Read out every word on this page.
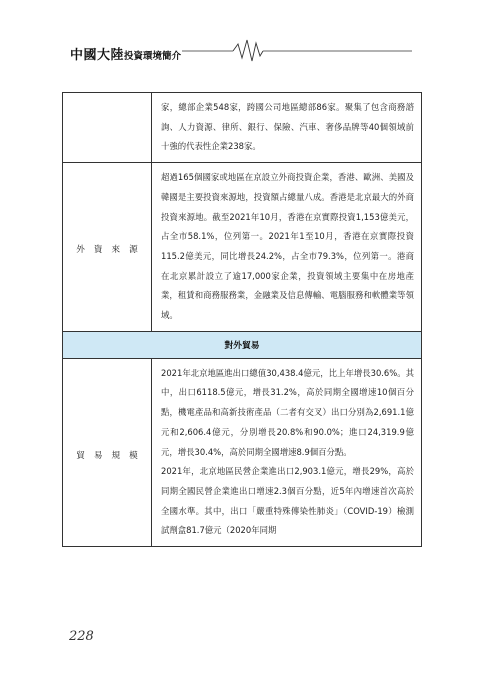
中國大陸投資環境簡介

	家，總部企業548家，跨國公司地區總部86家。聚集了包含商務諮詢、人力資源、律所、銀行、保險、汽車、奢侈品牌等40個領域前十強的代表性企業238家。

外資來源	超過165個國家或地區在京設立外商投資企業，香港、歐洲、美國及韓國是主要投資來源地，投資額占總量八成。香港是北京最大的外商投資來源地。截至2021年10月，香港在京實際投資1,153億美元，占全市58.1%，位列第一。2021年1至10月，香港在京實際投資115.2億美元，同比增長24.2%，占全市79.3%，位列第一。港商在北京累計設立了逾17,000家企業，投資領域主要集中在房地產業，租賃和商務服務業，金融業及信息傳輸、電腦服務和軟體業等領域。

對外貿易	
貿易規模	2021年北京地區進出口總值30,438.4億元，比上年增長30.6%。其中，出口6118.5億元，增長31.2%，高於同期全國增速10個百分點，機電產品和高新技術產品（二者有交叉）出口分別為2,691.1億元和2,606.4億元，分別增長20.8%和90.0%；進口24,319.9億元，增長30.4%，高於同期全國增速8.9個百分點。

2021年，北京地區民營企業進出口2,903.1億元，增長29%，高於同期全國民營企業進出口增速2.3個百分點，近5年內增速首次高於全國水準。其中，出口「嚴重特殊傳染性肺炎」（COVID-19）檢測試劑盒81.7億元（2020年同期

228
